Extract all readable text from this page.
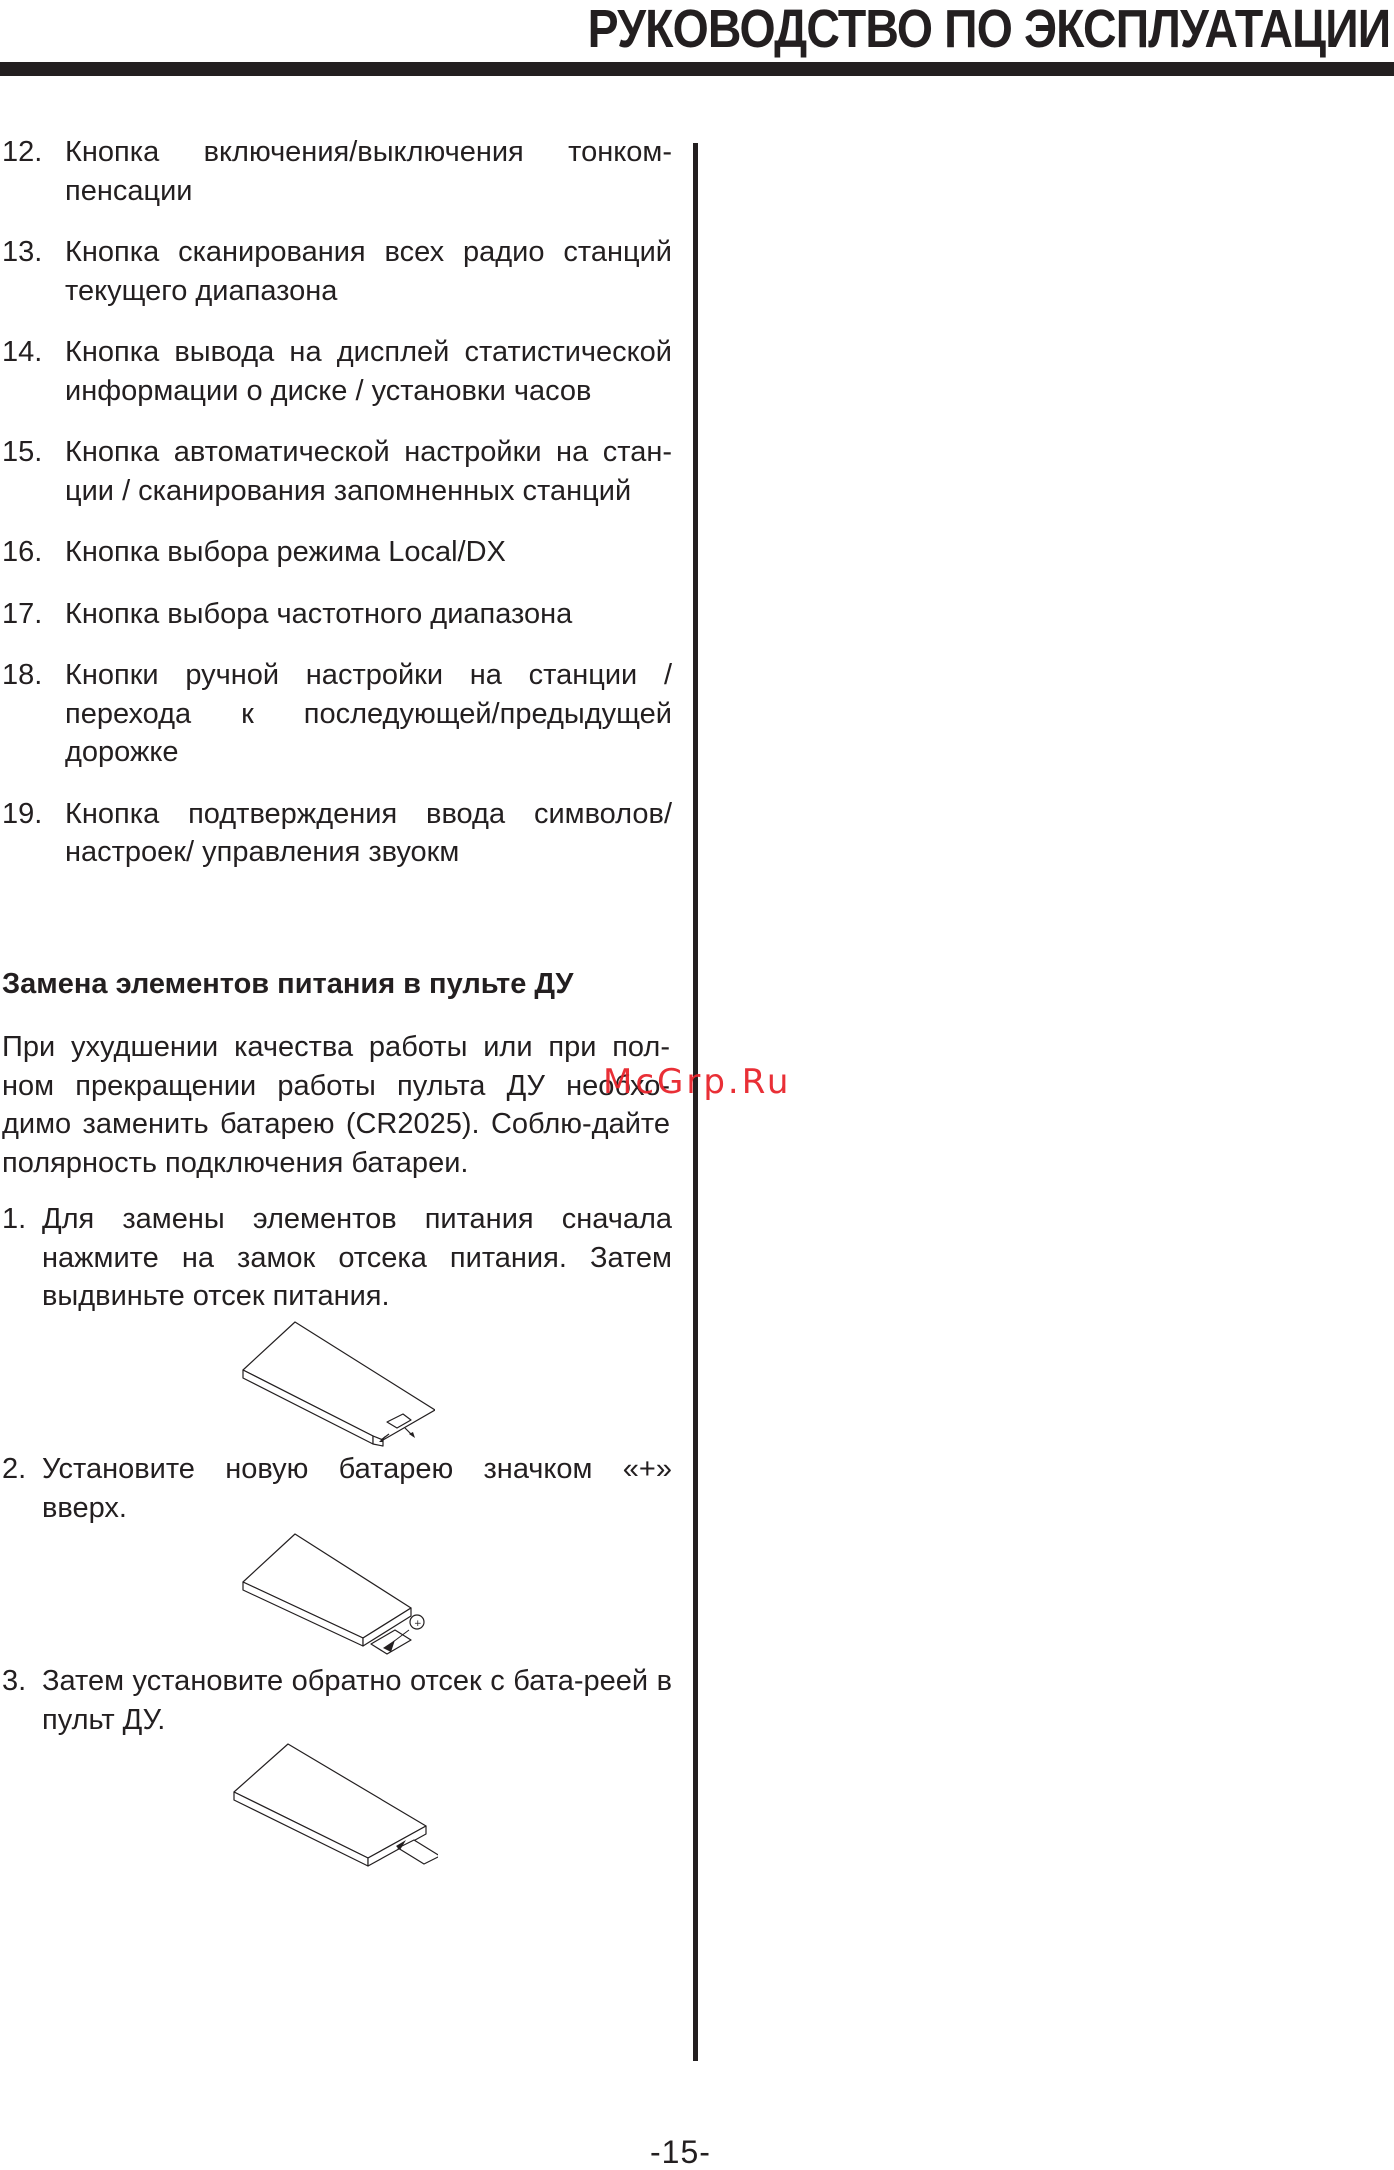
РУКОВОДСТВО ПО ЭКСПЛУАТАЦИИ
12. Кнопка включения/выключения тонком-пенсации
13. Кнопка сканирования всех радио станций текущего диапазона
14. Кнопка вывода на дисплей статистической информации о диске / установки часов
15. Кнопка автоматической настройки на стан-ции / сканирования запомненных станций
16. Кнопка выбора режима Local/DX
17. Кнопка выбора частотного диапазона
18. Кнопки ручной настройки на станции / перехода к последующей/предыдущей дорожке
19. Кнопка подтверждения ввода символов/ настроек/ управления звуокм
Замена элементов питания в пульте ДУ

При ухудшении качества работы или при пол-ном прекращении работы пульта ДУ необхо-димо заменить батарею (CR2025). Соблю-дайте полярность подключения батареи.

1. Для замены элементов питания сначала нажмите на замок отсека питания. Затем выдвиньте отсек питания.
2. Установите новую батарею значком «+» вверх.
+
3. Затем установите обратно отсек с бата-реей в пульт ДУ.
McGrp.Ru
-15-
